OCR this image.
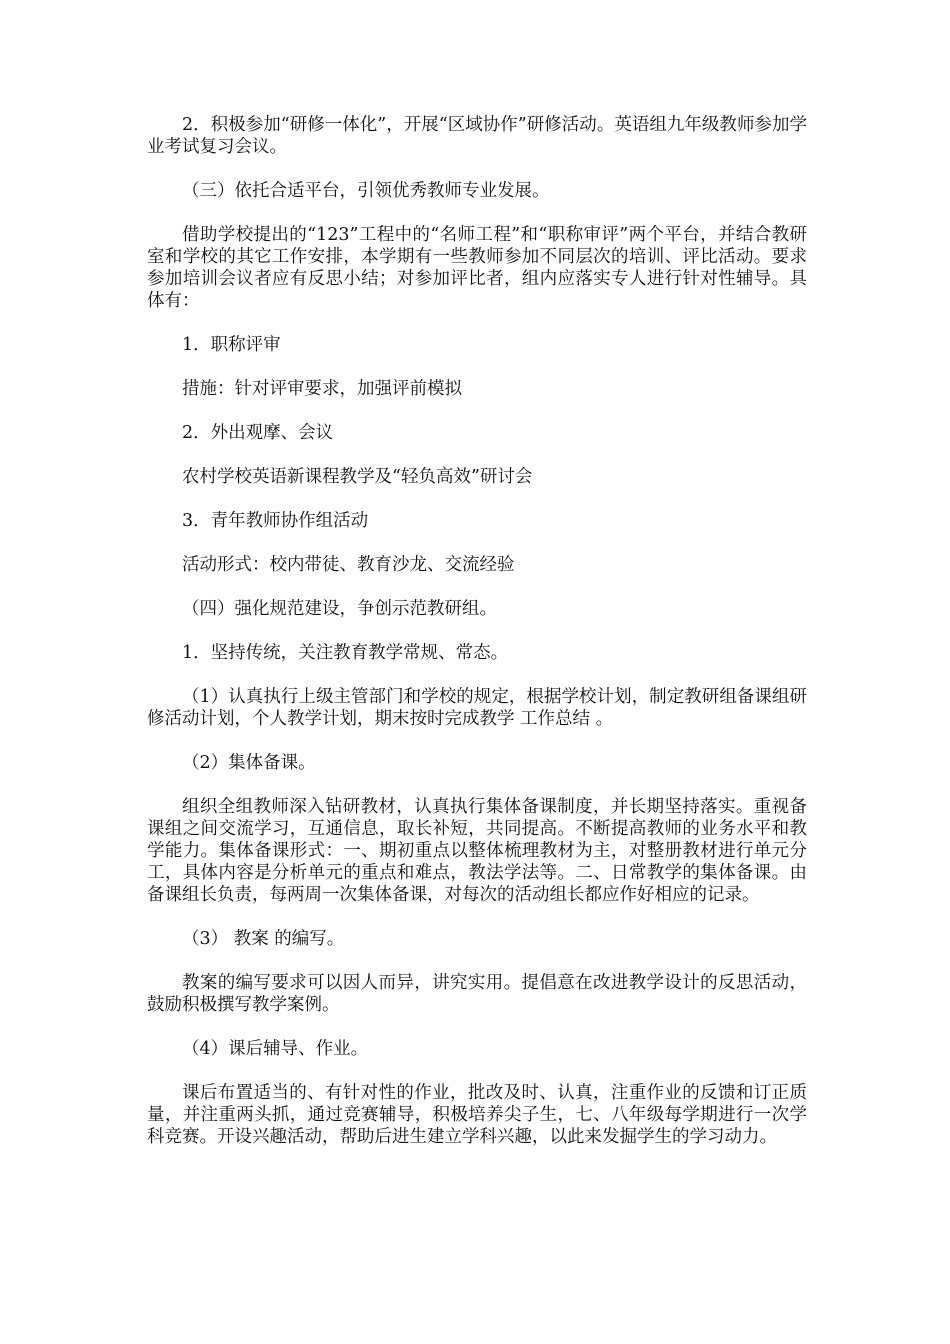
2．积极参加“研修一体化”，开展“区域协作”研修活动。英语组九年级教师参加学业考试复习会议。

（三）依托合适平台，引领优秀教师专业发展。

借助学校提出的“123”工程中的“名师工程”和“职称审评”两个平台，并结合教研室和学校的其它工作安排，本学期有一些教师参加不同层次的培训、评比活动。要求参加培训会议者应有反思小结；对参加评比者，组内应落实专人进行针对性辅导。具体有：

1．职称评审

措施：针对评审要求，加强评前模拟

2．外出观摩、会议

农村学校英语新课程教学及“轻负高效”研讨会

3．青年教师协作组活动

活动形式：校内带徒、教育沙龙、交流经验

（四）强化规范建设，争创示范教研组。

1．坚持传统，关注教育教学常规、常态。

（1）认真执行上级主管部门和学校的规定，根据学校计划，制定教研组备课组研修活动计划，个人教学计划，期末按时完成教学 工作总结 。

（2）集体备课。

组织全组教师深入钻研教材，认真执行集体备课制度，并长期坚持落实。重视备课组之间交流学习，互通信息，取长补短，共同提高。不断提高教师的业务水平和教学能力。集体备课形式：一、期初重点以整体梳理教材为主，对整册教材进行单元分工，具体内容是分析单元的重点和难点，教法学法等。二、日常教学的集体备课。由备课组长负责，每两周一次集体备课，对每次的活动组长都应作好相应的记录。

（3） 教案 的编写。

教案的编写要求可以因人而异，讲究实用。提倡意在改进教学设计的反思活动，鼓励积极撰写教学案例。

（4）课后辅导、作业。

课后布置适当的、有针对性的作业，批改及时、认真，注重作业的反馈和订正质量，并注重两头抓，通过竞赛辅导，积极培养尖子生，七、八年级每学期进行一次学科竞赛。开设兴趣活动，帮助后进生建立学科兴趣，以此来发掘学生的学习动力。
